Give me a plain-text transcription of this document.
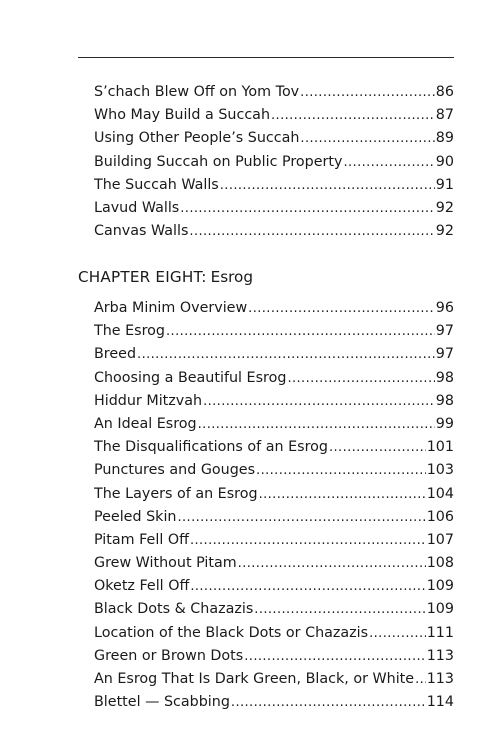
S’chach Blew Off on Yom Tov .....	86
Who May Build a Succah .....	87
Using Other People’s Succah .....	89
Building Succah on Public Property .....	90
The Succah Walls .....	91
Lavud Walls .....	92
Canvas Walls .....	92
CHAPTER EIGHT: Esrog
Arba Minim Overview .....	96
The Esrog .....	97
Breed .....	97
Choosing a Beautiful Esrog .....	98
Hiddur Mitzvah .....	98
An Ideal Esrog .....	99
The Disqualifications of an Esrog .....	101
Punctures and Gouges .....	103
The Layers of an Esrog .....	104
Peeled Skin .....	106
Pitam Fell Off .....	107
Grew Without Pitam .....	108
Oketz Fell Off .....	109
Black Dots & Chazazis .....	109
Location of the Black Dots or Chazazis .....	111
Green or Brown Dots .....	113
An Esrog That Is Dark Green, Black, or White ..... 113
Blettel — Scabbing .....	114
